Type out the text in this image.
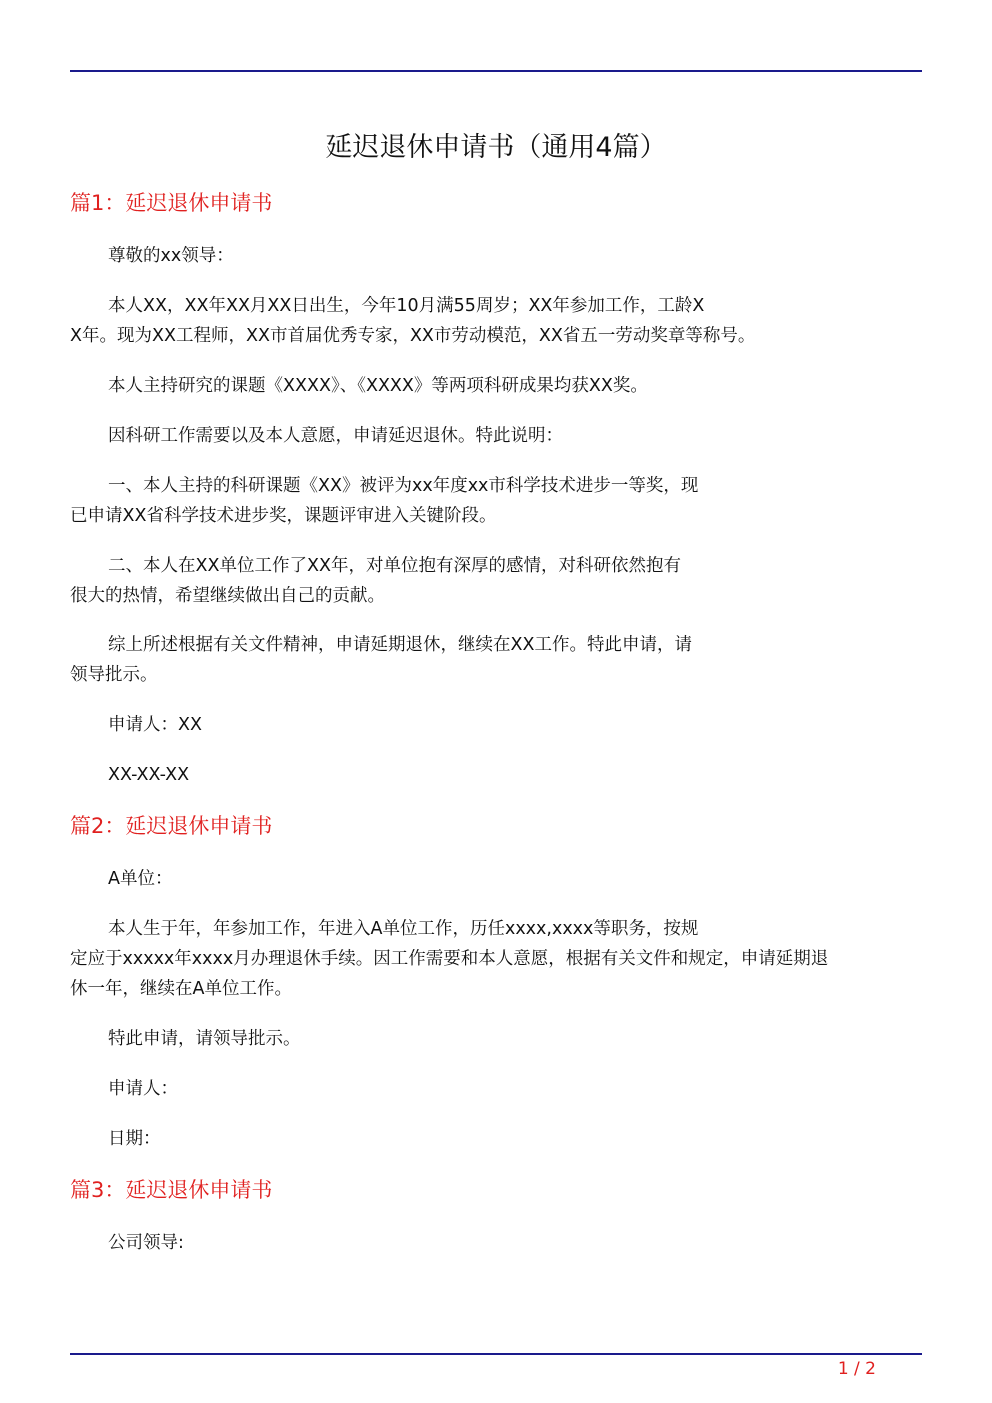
延迟退休申请书（通用4篇）
篇1：延迟退休申请书

尊敬的xx领导：

本人XX，XX年XX月XX日出生，今年10月满55周岁；XX年参加工作，工龄X
X年。现为XX工程师，XX市首届优秀专家，XX市劳动模范，XX省五一劳动奖章等称号。

本人主持研究的课题《XXXX》、《XXXX》等两项科研成果均获XX奖。

因科研工作需要以及本人意愿，申请延迟退休。特此说明：

一、本人主持的科研课题《XX》被评为xx年度xx市科学技术进步一等奖，现
已申请XX省科学技术进步奖，课题评审进入关键阶段。

二、本人在XX单位工作了XX年，对单位抱有深厚的感情，对科研依然抱有
很大的热情，希望继续做出自己的贡献。

综上所述根据有关文件精神，申请延期退休，继续在XX工作。特此申请，请
领导批示。

申请人：XX

XX-XX-XX

篇2：延迟退休申请书

A单位：

本人生于年，年参加工作，年进入A单位工作，历任xxxx,xxxx等职务，按规
定应于xxxxx年xxxx月办理退休手续。因工作需要和本人意愿，根据有关文件和规定，申请延期退
休一年，继续在A单位工作。

特此申请，请领导批示。

申请人：

日期：

篇3：延迟退休申请书

公司领导:

1 / 2
